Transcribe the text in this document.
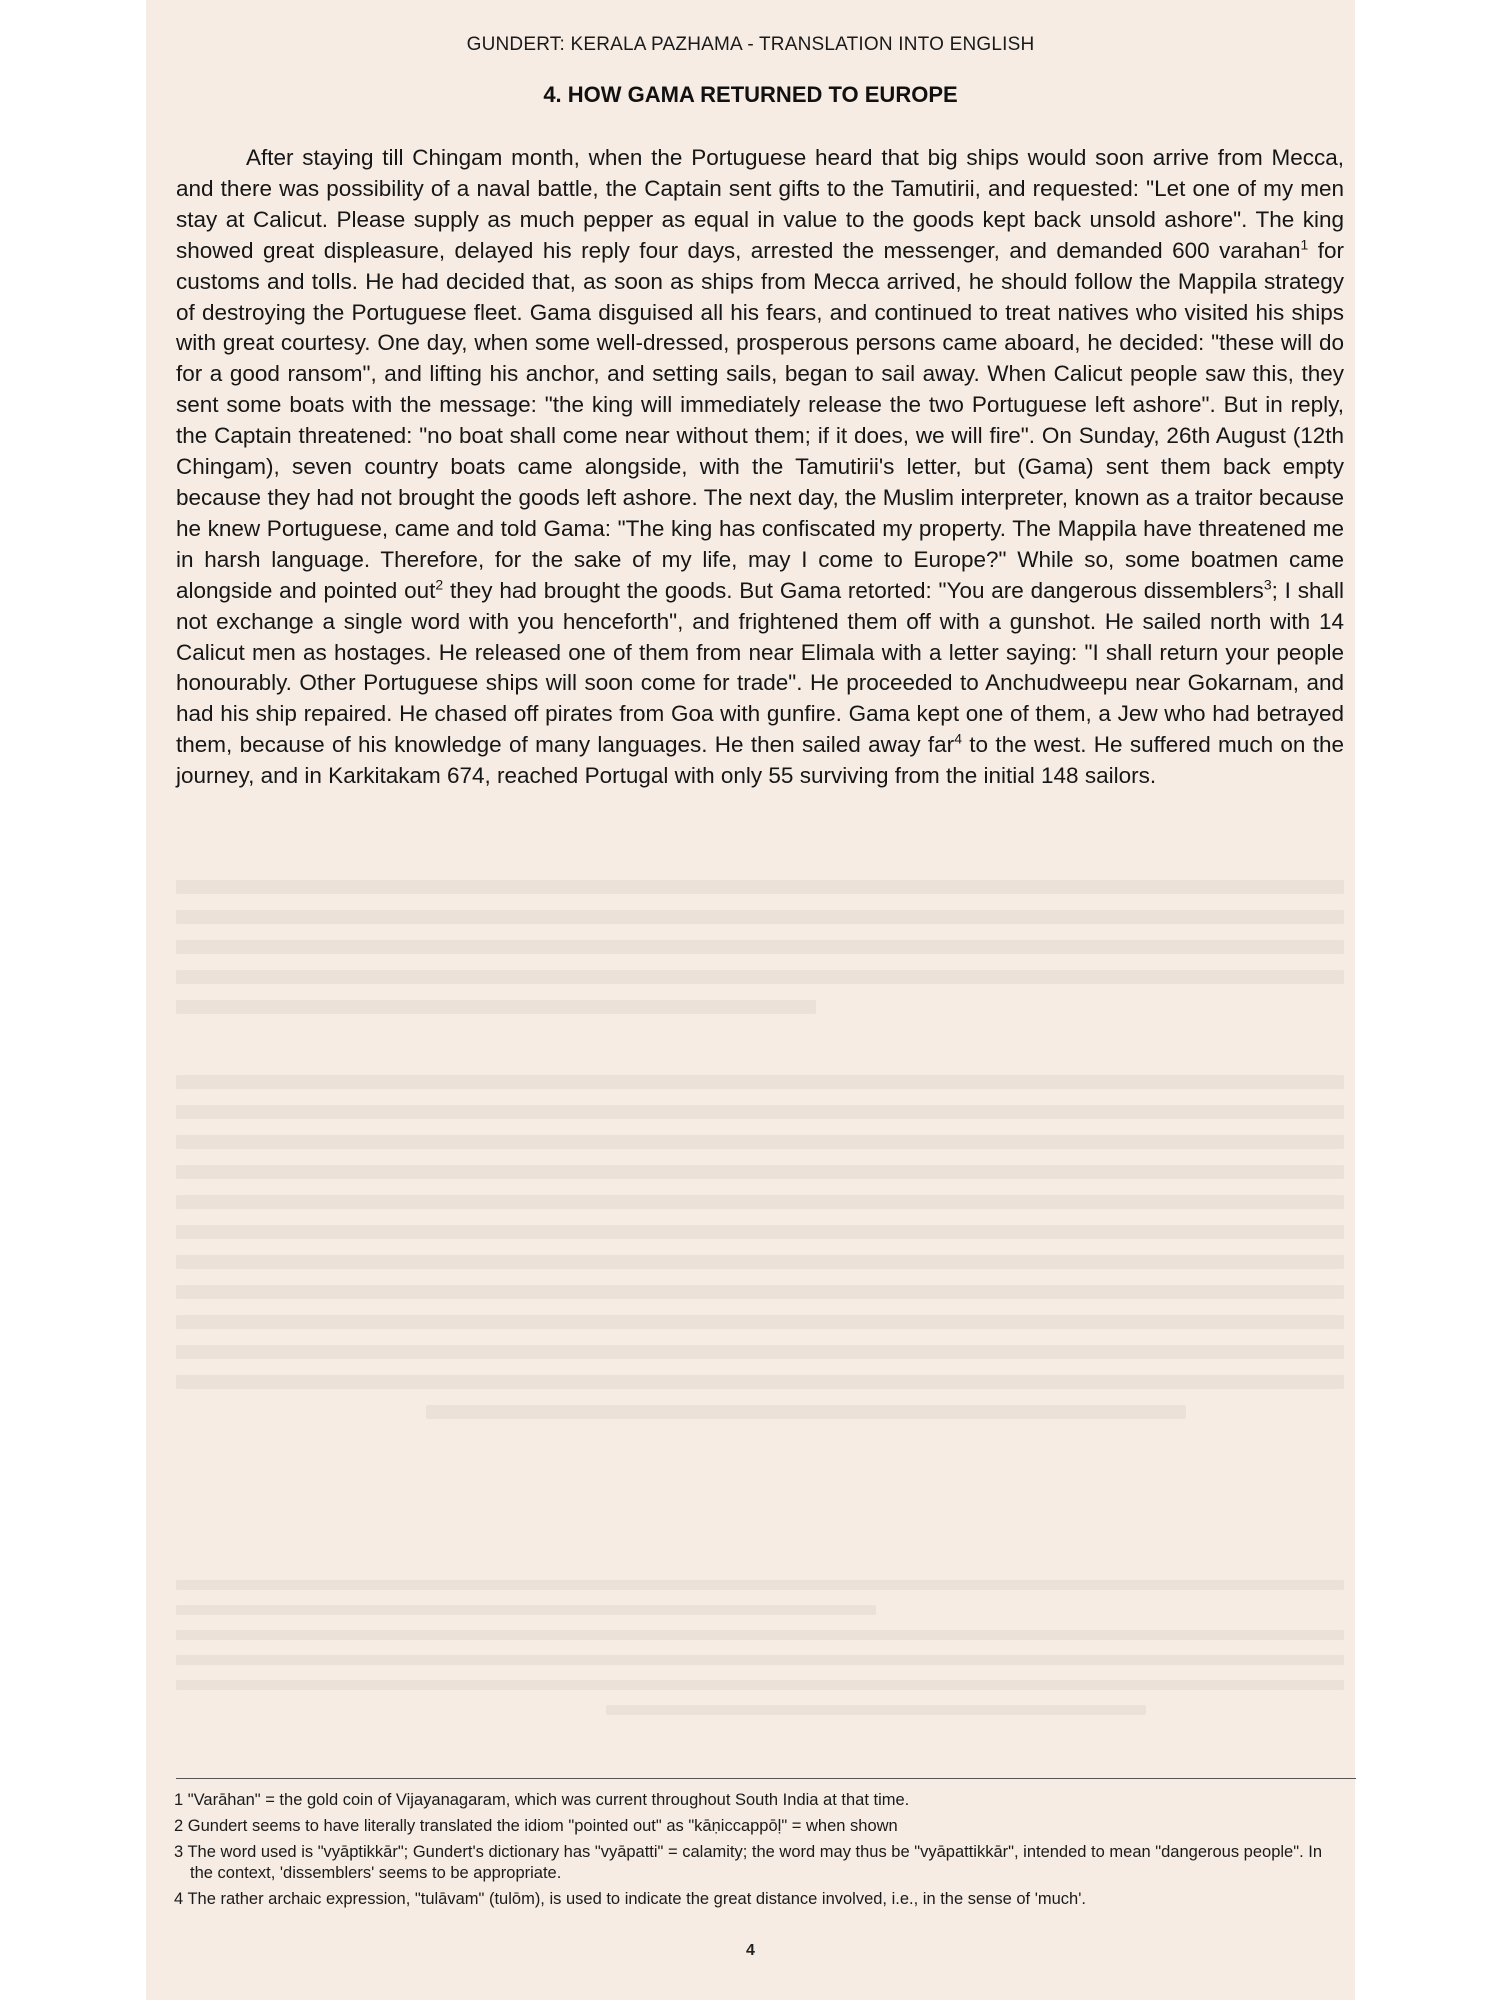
GUNDERT: KERALA PAZHAMA - TRANSLATION INTO ENGLISH
4. HOW GAMA RETURNED TO EUROPE

After staying till Chingam month, when the Portuguese heard that big ships would soon arrive from Mecca, and there was possibility of a naval battle, the Captain sent gifts to the Tamutirii, and requested: "Let one of my men stay at Calicut. Please supply as much pepper as equal in value to the goods kept back unsold ashore". The king showed great displeasure, delayed his reply four days, arrested the messenger, and demanded 600 varahan$^1$ for customs and tolls. He had decided that, as soon as ships from Mecca arrived, he should follow the Mappila strategy of destroying the Portuguese fleet. Gama disguised all his fears, and continued to treat natives who visited his ships with great courtesy. One day, when some well-dressed, prosperous persons came aboard, he decided: "these will do for a good ransom", and lifting his anchor, and setting sails, began to sail away. When Calicut people saw this, they sent some boats with the message: "the king will immediately release the two Portuguese left ashore". But in reply, the Captain threatened: "no boat shall come near without them; if it does, we will fire". On Sunday, 26th August (12th Chingam), seven country boats came alongside, with the Tamutirii's letter, but (Gama) sent them back empty because they had not brought the goods left ashore. The next day, the Muslim interpreter, known as a traitor because he knew Portuguese, came and told Gama: "The king has confiscated my property. The Mappila have threatened me in harsh language. Therefore, for the sake of my life, may I come to Europe?" While so, some boatmen came alongside and pointed out$^2$ they had brought the goods. But Gama retorted: "You are dangerous dissemblers$^3$; I shall not exchange a single word with you henceforth", and frightened them off with a gunshot. He sailed north with 14 Calicut men as hostages. He released one of them from near Elimala with a letter saying: "I shall return your people honourably. Other Portuguese ships will soon come for trade". He proceeded to Anchudweepu near Gokarnam, and had his ship repaired. He chased off pirates from Goa with gunfire. Gama kept one of them, a Jew who had betrayed them, because of his knowledge of many languages. He then sailed away far$^4$ to the west. He suffered much on the journey, and in Karkitakam 674, reached Portugal with only 55 surviving from the initial 148 sailors.

1 "Varāhan" = the gold coin of Vijayanagaram, which was current throughout South India at that time.

2 Gundert seems to have literally translated the idiom "pointed out" as "kāṇiccappōḷ" = when shown

3 The word used is "vyāptikkār"; Gundert's dictionary has "vyāpatti" = calamity; the word may thus be "vyāpattikkār", intended to mean "dangerous people". In the context, 'dissemblers' seems to be appropriate.

4 The rather archaic expression, "tulāvam" (tulōm), is used to indicate the great distance involved, i.e., in the sense of 'much'.

4
